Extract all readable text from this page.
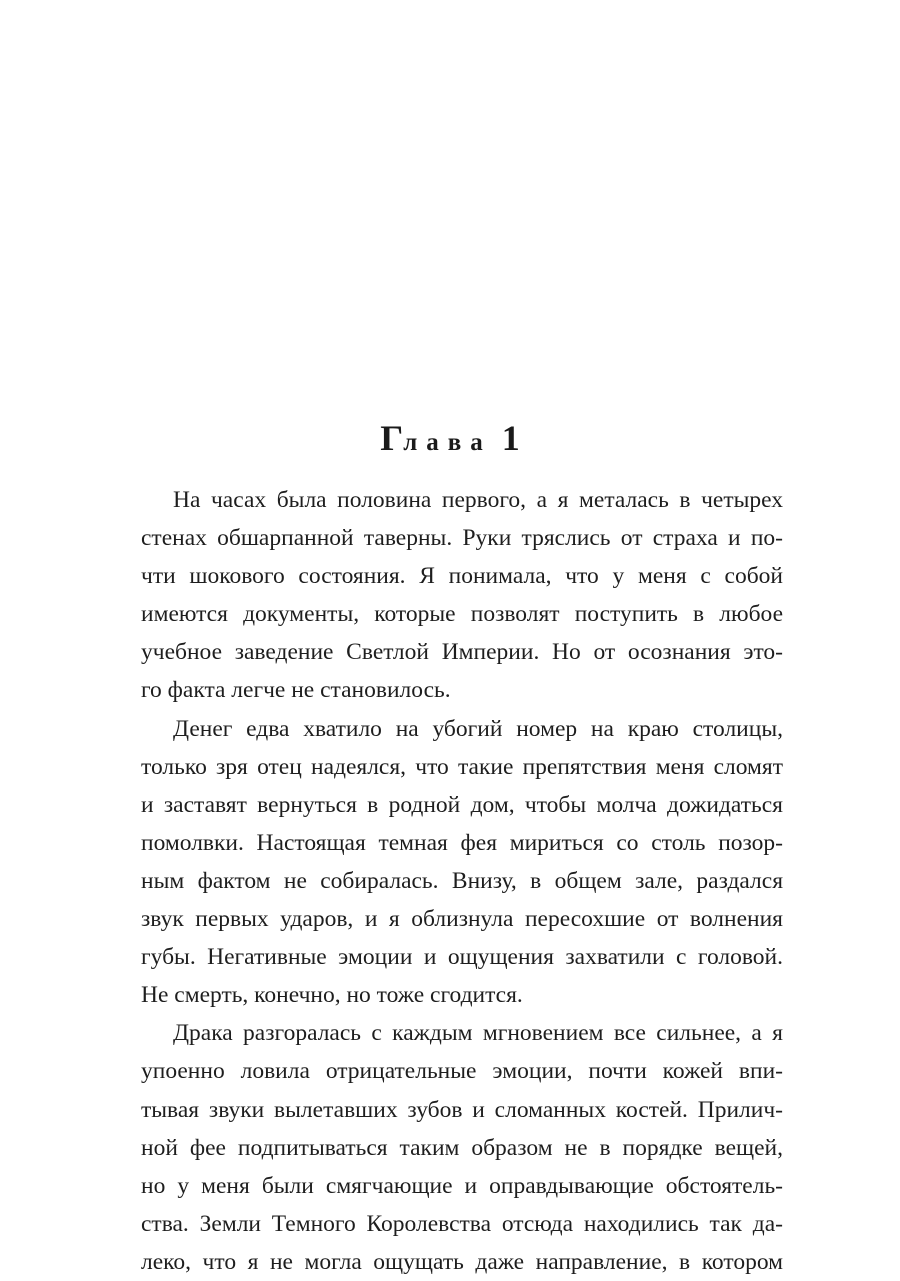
Глава 1
На часах была половина первого, а я металась в четырех
стенах обшарпанной таверны. Руки тряслись от страха и по-
чти шокового состояния. Я понимала, что у меня с собой
имеются документы, которые позволят поступить в любое
учебное заведение Светлой Империи. Но от осознания это-
го факта легче не становилось.
Денег едва хватило на убогий номер на краю столицы,
только зря отец надеялся, что такие препятствия меня сломят
и заставят вернуться в родной дом, чтобы молча дожидаться
помолвки. Настоящая темная фея мириться со столь позор-
ным фактом не собиралась. Внизу, в общем зале, раздался
звук первых ударов, и я облизнула пересохшие от волнения
губы. Негативные эмоции и ощущения захватили с головой.
Не смерть, конечно, но тоже сгодится.
Драка разгоралась с каждым мгновением все сильнее, а я
упоенно ловила отрицательные эмоции, почти кожей впи-
тывая звуки вылетавших зубов и сломанных костей. Прилич-
ной фее подпитываться таким образом не в порядке вещей,
но у меня были смягчающие и оправдывающие обстоятель-
ства. Земли Темного Королевства отсюда находились так да-
леко, что я не могла ощущать даже направление, в котором
